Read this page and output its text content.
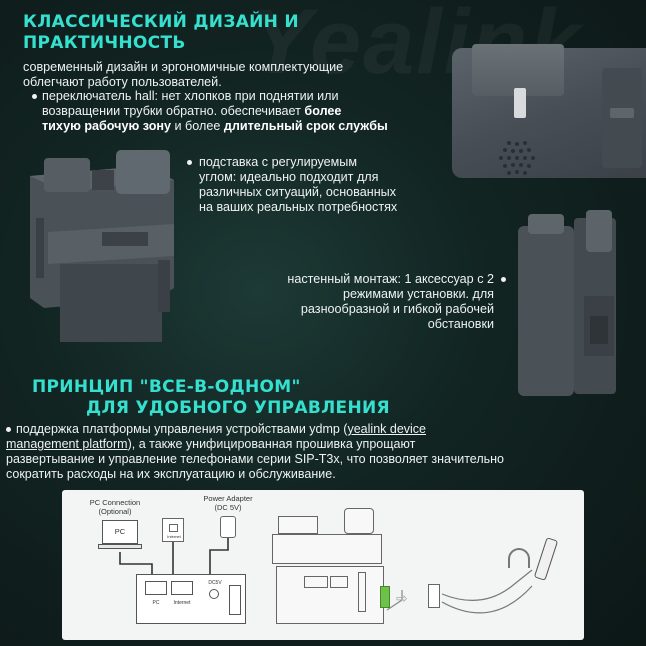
КЛАССИЧЕСКИЙ ДИЗАЙН И
ПРАКТИЧНОСТЬ
современный дизайн и эргономичные комплектующие
облегчают работу пользователей.
переключатель hall: нет хлопков при поднятии или
возвращении трубки обратно. обеспечивает более
тихую рабочую зону и более длительный срок службы
подставка с регулируемым
углом: идеально подходит для
различных ситуаций, основанных
на ваших реальных потребностях
настенный монтаж: 1 аксессуар с 2
режимами установки. для
разнообразной и гибкой рабочей
обстановки
ПРИНЦИП "ВСЕ-В-ОДНОМ"
ДЛЯ УДОБНОГО УПРАВЛЕНИЯ
поддержка платформы управления устройствами ydmp (yealink device
management platform), а также унифицированная прошивка упрощают
развертывание и управление телефонами серии SIP-T3x, что позволяет значительно
сократить расходы на их эксплуатацию и обслуживание.
PC Connection
(Optional)
PC
Internet
Power Adapter
(DC 5V)
PC	Internet
DC5V
⇨
